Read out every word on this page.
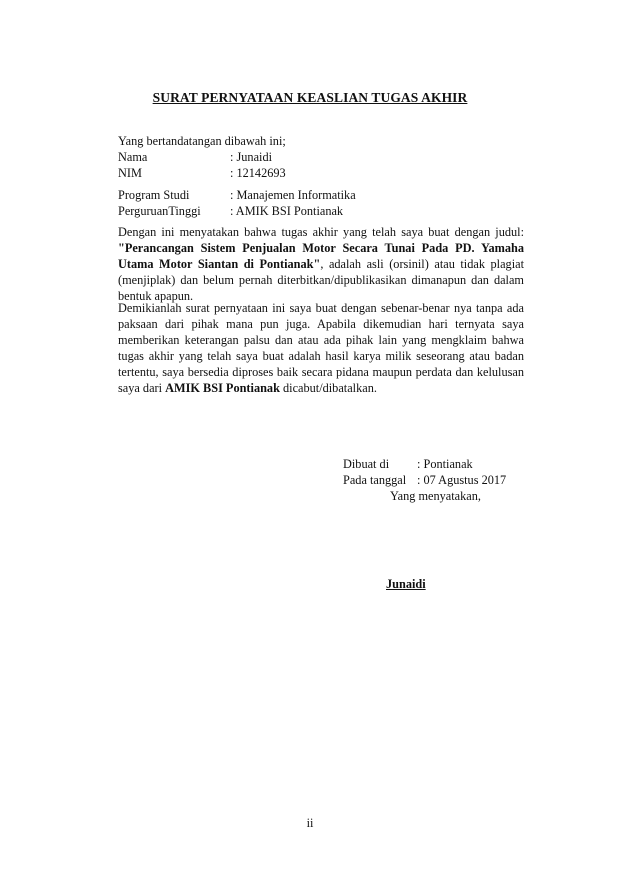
SURAT PERNYATAAN KEASLIAN TUGAS AKHIR
Yang bertandatangan dibawah ini;
Nama	: Junaidi
NIM	: 12142693
Program Studi	: Manajemen Informatika
PerguruanTinggi : AMIK BSI Pontianak
Dengan ini menyatakan bahwa tugas akhir yang telah saya buat dengan judul: "Perancangan Sistem Penjualan Motor Secara Tunai Pada PD. Yamaha Utama Motor Siantan di Pontianak", adalah asli (orsinil) atau tidak plagiat (menjiplak) dan belum pernah diterbitkan/dipublikasikan dimanapun dan dalam bentuk apapun.
Demikianlah surat pernyataan ini saya buat dengan sebenar-benar nya tanpa ada paksaan dari pihak mana pun juga. Apabila dikemudian hari ternyata saya memberikan keterangan palsu dan atau ada pihak lain yang mengklaim bahwa tugas akhir yang telah saya buat adalah hasil karya milik seseorang atau badan tertentu, saya bersedia diproses baik secara pidana maupun perdata dan kelulusan saya dari AMIK BSI Pontianak dicabut/dibatalkan.
Dibuat di : Pontianak
Pada tanggal : 07 Agustus 2017
Yang menyatakan,
Junaidi
ii
